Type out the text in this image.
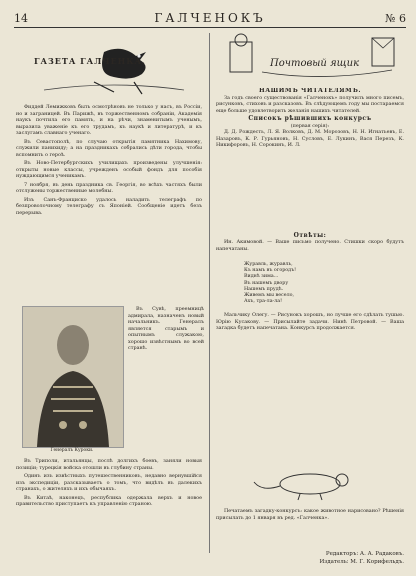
14	ГАЛЧЕНОКЪ	№ 6
ГАЗЕТА ГАЛЧЕНКА.	Почтовый ящик

Фиддей Лемижковъ быть осмотрѣновъ не только у насъ, въ Россіи, но и заграницей. Въ Парижѣ, въ торжественномъ собраніи, Академія наукъ почтила его память, и на рѣчи, знаменитымъ ученымъ, выразила уваженіе къ его трудамъ, къ наукѣ и литературѣ, и къ заслугамъ славнаго ученаго.

Въ Севастополѣ, по случаю открытія памятника Нахимову, служили панихиду; а на праздникахъ собрались дѣти города, чтобы вспомнить о героѣ.

Въ Ново-Петербургскихъ училищахъ произведены улучшенія: открыты новые классы, учрежденъ особый фондъ для пособія нуждающимся ученикамъ.

7 ноября, въ день праздника св. Георгія, во всѣхъ частяхъ были отслужены торжественные молебны.

Изъ Санъ-Франциско удалось наладить телеграфъ по безпроволочному телеграфу съ Японіей. Сообщеніе идетъ безъ перерыва.

Въ Сувѣ, преемницѣ адмирала, назначенъ новый начальникъ. Генералъ является старымъ и опытнымъ служакою, хорошо извѣстнымъ во всей странѣ.

Генералъ Куроки.

Въ Триполи, итальянцы, послѣ долгихъ боевъ, заняли новыя позиціи; турецкія войска отошли въ глубину страны.

Одинъ изъ извѣстныхъ путешественниковъ, недавно вернувшійся изъ экспедиціи, разсказываетъ о томъ, что видѣлъ въ далекихъ странахъ, о жителяхъ и ихъ обычаяхъ.

Въ Китаѣ, наконецъ, республика одержала верхъ и новое правительство приступаетъ къ управленію страною.

НАШИМЪ ЧИТАТЕЛЯМЪ.

За годъ своего существованія «Галченокъ» получилъ много писемъ, рисунковъ, стиховъ и разсказовъ. Въ слѣдующемъ году мы постараемся еще больше удовлетворить желанія нашихъ читателей.

Списокъ рѣшившихъ конкурсъ
(первая серія):

Д. Д. Рождесть, Л. Я. Волковъ, Д. М. Морозовъ, Н. Н. Игнатьевъ, Е. Назаровъ, К. Р. Гурьяновъ, Н. Сусловъ, Е. Лукинъ, Вася Перезъ, К. Никифоровъ, Н. Сорокинъ, И. Л.

Отвѣты:

Ин. Акимовой. — Ваше письмо получено. Стишки скоро будутъ напечатаны.

Журавль, журавль,
Къ намъ въ огородъ!
Виднѣ зима...
Въ нашемъ двору
Нашемъ прудѣ.
Живемъ мы весело,
Ахъ, тра-ла-ла!

Мальчику Олегу. — Рисунокъ хорошъ, но лучше его сдѣлать тушью. Юрію Кусакову. — Присылайте задачи. Нинѣ Петровой. — Ваша загадка будетъ напечатана. Конкурсъ продолжается.

Печатаемъ загадку-конкурсъ: какое животное нарисовано? Рѣшенія присылать до 1 января въ ред. «Галченка».

Редакторъ: А. А. Радаковъ.
Издатель: М. Г. Корифельдъ.
